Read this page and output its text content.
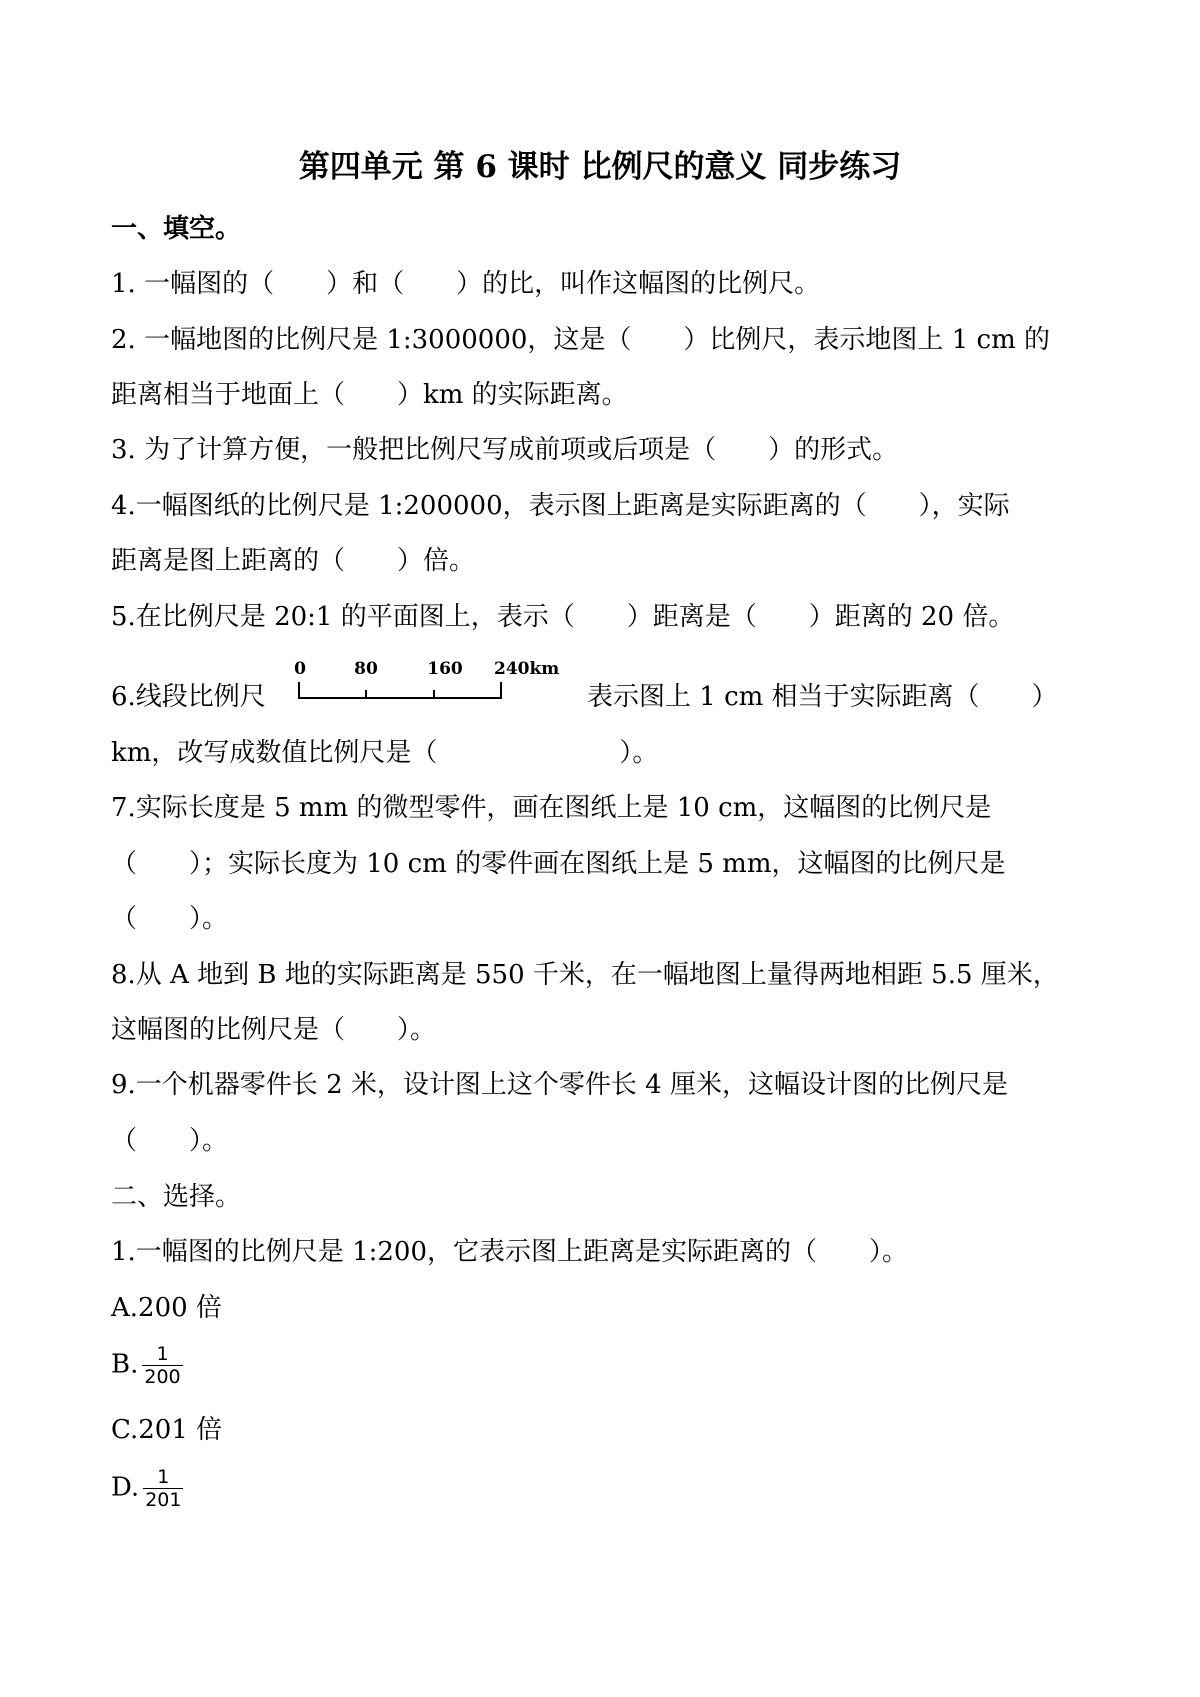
第四单元 第 6 课时 比例尺的意义 同步练习
一、填空。
1. 一幅图的（　　）和（　　）的比，叫作这幅图的比例尺。
2. 一幅地图的比例尺是 1:3000000，这是（　　）比例尺，表示地图上 1 cm 的
距离相当于地面上（　　）km 的实际距离。
3. 为了计算方便，一般把比例尺写成前项或后项是（　　）的形式。
4.一幅图纸的比例尺是 1:200000，表示图上距离是实际距离的（　　），实际
距离是图上距离的（　　）倍。
5.在比例尺是 20:1 的平面图上，表示（　　）距离是（　　）距离的 20 倍。
6.线段比例尺
0	80	160 240km
表示图上 1 cm 相当于实际距离（　　）
km，改写成数值比例尺是（　　　　　　　）。
7.实际长度是 5 mm 的微型零件，画在图纸上是 10 cm，这幅图的比例尺是
（　　）；实际长度为 10 cm 的零件画在图纸上是 5 mm，这幅图的比例尺是
（　　）。
8.从 A 地到 B 地的实际距离是 550 千米，在一幅地图上量得两地相距 5.5 厘米，
这幅图的比例尺是（　　）。
9.一个机器零件长 2 米，设计图上这个零件长 4 厘米，这幅设计图的比例尺是
（　　）。
二、选择。
1.一幅图的比例尺是 1:200，它表示图上距离是实际距离的（　　）。
A.200 倍
B. $\frac{1}{200}$
C.201 倍
D. $\frac{1}{201}$
